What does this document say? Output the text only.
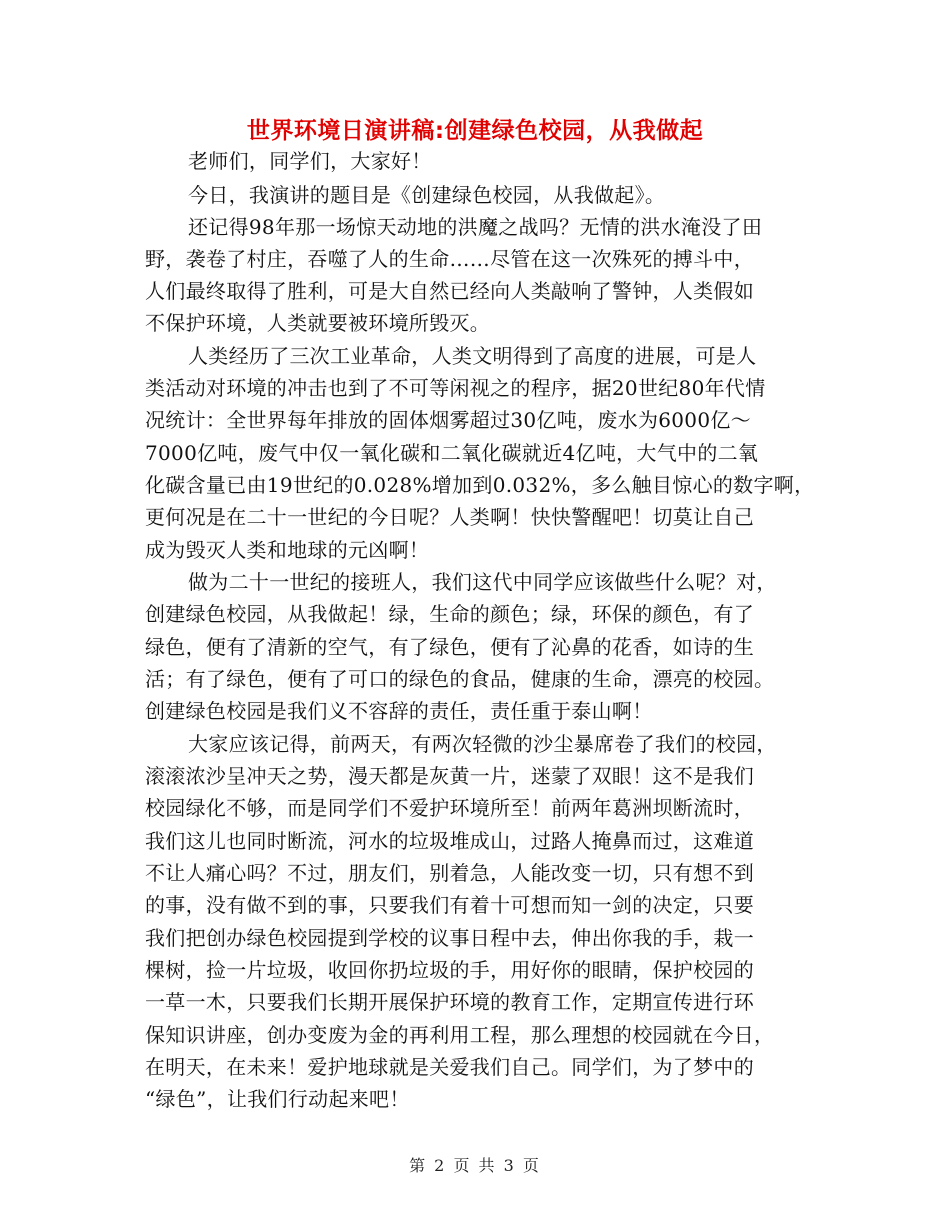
世界环境日演讲稿:创建绿色校园，从我做起
老师们，同学们，大家好！
今日，我演讲的题目是《创建绿色校园，从我做起》。
还记得98年那一场惊天动地的洪魔之战吗？无情的洪水淹没了田
野，袭卷了村庄，吞噬了人的生命……尽管在这一次殊死的搏斗中，
人们最终取得了胜利，可是大自然已经向人类敲响了警钟，人类假如
不保护环境，人类就要被环境所毁灭。
人类经历了三次工业革命，人类文明得到了高度的进展，可是人
类活动对环境的冲击也到了不可等闲视之的程序，据20世纪80年代情
况统计：全世界每年排放的固体烟雾超过30亿吨，废水为6000亿～
7000亿吨，废气中仅一氧化碳和二氧化碳就近4亿吨，大气中的二氧
化碳含量已由19世纪的0.028%增加到0.032%，多么触目惊心的数字啊，
更何况是在二十一世纪的今日呢？人类啊！快快警醒吧！切莫让自己
成为毁灭人类和地球的元凶啊！
做为二十一世纪的接班人，我们这代中同学应该做些什么呢？对，
创建绿色校园，从我做起！绿，生命的颜色；绿，环保的颜色，有了
绿色，便有了清新的空气，有了绿色，便有了沁鼻的花香，如诗的生
活；有了绿色，便有了可口的绿色的食品，健康的生命，漂亮的校园。
创建绿色校园是我们义不容辞的责任，责任重于泰山啊！
大家应该记得，前两天，有两次轻微的沙尘暴席卷了我们的校园，
滚滚浓沙呈冲天之势，漫天都是灰黄一片，迷蒙了双眼！这不是我们
校园绿化不够，而是同学们不爱护环境所至！前两年葛洲坝断流时，
我们这儿也同时断流，河水的垃圾堆成山，过路人掩鼻而过，这难道
不让人痛心吗？不过，朋友们，别着急，人能改变一切，只有想不到
的事，没有做不到的事，只要我们有着十可想而知一剑的决定，只要
我们把创办绿色校园提到学校的议事日程中去，伸出你我的手，栽一
棵树，捡一片垃圾，收回你扔垃圾的手，用好你的眼睛，保护校园的
一草一木，只要我们长期开展保护环境的教育工作，定期宣传进行环
保知识讲座，创办变废为金的再利用工程，那么理想的校园就在今日，
在明天，在未来！爱护地球就是关爱我们自己。同学们，为了梦中的
“绿色”，让我们行动起来吧！
第 2 页 共 3 页
